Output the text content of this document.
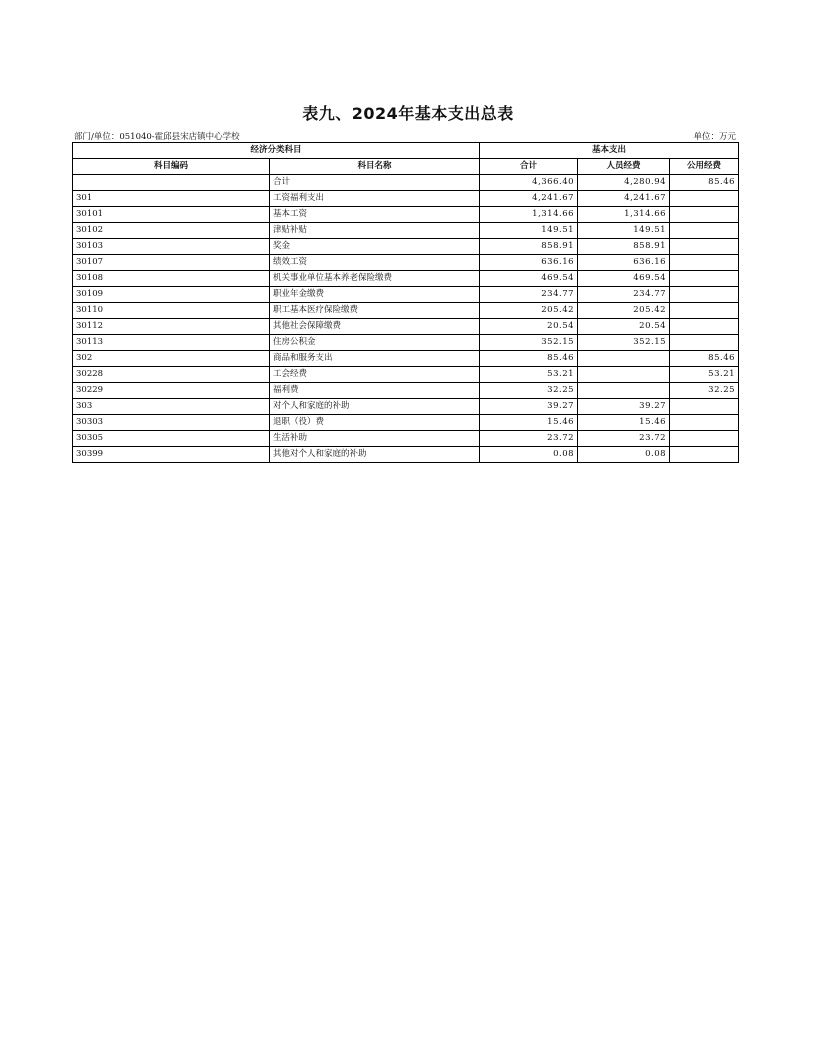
表九、2024年基本支出总表
部门/单位：051040-霍邱县宋店镇中心学校	单位：万元
经济分类科目		基本支出		
科目编码	科目名称	合计	人员经费	公用经费
	合计	4,366.40	4,280.94	85.46
301	工资福利支出	4,241.67	4,241.67	
30101	基本工资	1,314.66	1,314.66	
30102	津贴补贴	149.51	149.51	
30103	奖金	858.91	858.91	
30107	绩效工资	636.16	636.16	
30108	机关事业单位基本养老保险缴费	469.54	469.54	
30109	职业年金缴费	234.77	234.77	
30110	职工基本医疗保险缴费	205.42	205.42	
30112	其他社会保障缴费	20.54	20.54	
30113	住房公积金	352.15	352.15	
302	商品和服务支出	85.46		85.46
30228	工会经费	53.21		53.21
30229	福利费	32.25		32.25
303	对个人和家庭的补助	39.27	39.27	
30303	退职（役）费	15.46	15.46	
30305	生活补助	23.72	23.72	
30399	其他对个人和家庭的补助	0.08	0.08	
